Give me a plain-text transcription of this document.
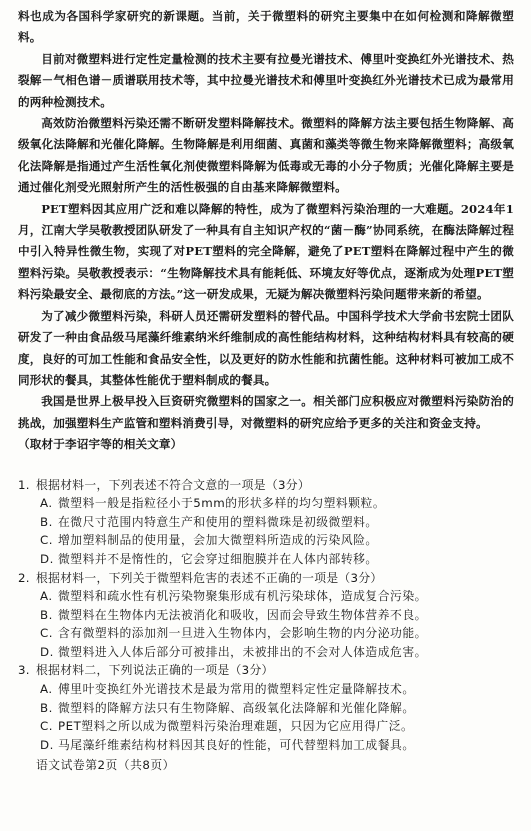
料也成为各国科学家研究的新课题。当前，关于微塑料的研究主要集中在如何检测和降解微塑料。

目前对微塑料进行定性定量检测的技术主要有拉曼光谱技术、傅里叶变换红外光谱技术、热裂解－气相色谱－质谱联用技术等，其中拉曼光谱技术和傅里叶变换红外光谱技术已成为最常用的两种检测技术。

高效防治微塑料污染还需不断研发塑料降解技术。微塑料的降解方法主要包括生物降解、高级氧化法降解和光催化降解。生物降解是利用细菌、真菌和藻类等微生物来降解微塑料；高级氧化法降解是指通过产生活性氧化剂使微塑料降解为低毒或无毒的小分子物质；光催化降解主要是通过催化剂受光照射所产生的活性极强的自由基来降解微塑料。

PET塑料因其应用广泛和难以降解的特性，成为了微塑料污染治理的一大难题。2024年1月，江南大学吴敬教授团队研发了一种具有自主知识产权的“菌－酶”协同系统，在酶法降解过程中引入特异性微生物，实现了对PET塑料的完全降解，避免了PET塑料在降解过程中产生的微塑料污染。吴敬教授表示：“生物降解技术具有能耗低、环境友好等优点，逐渐成为处理PET塑料污染最安全、最彻底的方法。”这一研发成果，无疑为解决微塑料污染问题带来新的希望。

为了减少微塑料污染，科研人员还需研发塑料的替代品。中国科学技术大学俞书宏院士团队研发了一种由食品级马尾藻纤维素纳米纤维制成的高性能结构材料，这种结构材料具有较高的硬度，良好的可加工性能和食品安全性，以及更好的防水性能和抗菌性能。这种材料可被加工成不同形状的餐具，其整体性能优于塑料制成的餐具。

我国是世界上极早投入巨资研究微塑料的国家之一。相关部门应积极应对微塑料污染防治的挑战，加强塑料生产监管和塑料消费引导，对微塑料的研究应给予更多的关注和资金支持。

（取材于李诏宇等的相关文章）

1. 根据材料一，下列表述不符合文意的一项是（3分）

A. 微塑料一般是指粒径小于5mm的形状多样的均匀塑料颗粒。

B. 在微尺寸范围内特意生产和使用的塑料微珠是初级微塑料。

C. 增加塑料制品的使用量，会加大微塑料所造成的污染风险。

D. 微塑料并不是惰性的，它会穿过细胞膜并在人体内部转移。

2. 根据材料一，下列关于微塑料危害的表述不正确的一项是（3分）

A. 微塑料和疏水性有机污染物聚集形成有机污染球体，造成复合污染。

B. 微塑料在生物体内无法被消化和吸收，因而会导致生物体营养不良。

C. 含有微塑料的添加剂一旦进入生物体内，会影响生物的内分泌功能。

D. 微塑料进入人体后部分可被排出，未被排出的不会对人体造成危害。

3. 根据材料二，下列说法正确的一项是（3分）

A. 傅里叶变换红外光谱技术是最为常用的微塑料定性定量降解技术。

B. 微塑料的降解方法只有生物降解、高级氧化法降解和光催化降解。

C. PET塑料之所以成为微塑料污染治理难题，只因为它应用得广泛。

D. 马尾藻纤维素结构材料因其良好的性能，可代替塑料加工成餐具。

语文试卷第2页（共8页）
